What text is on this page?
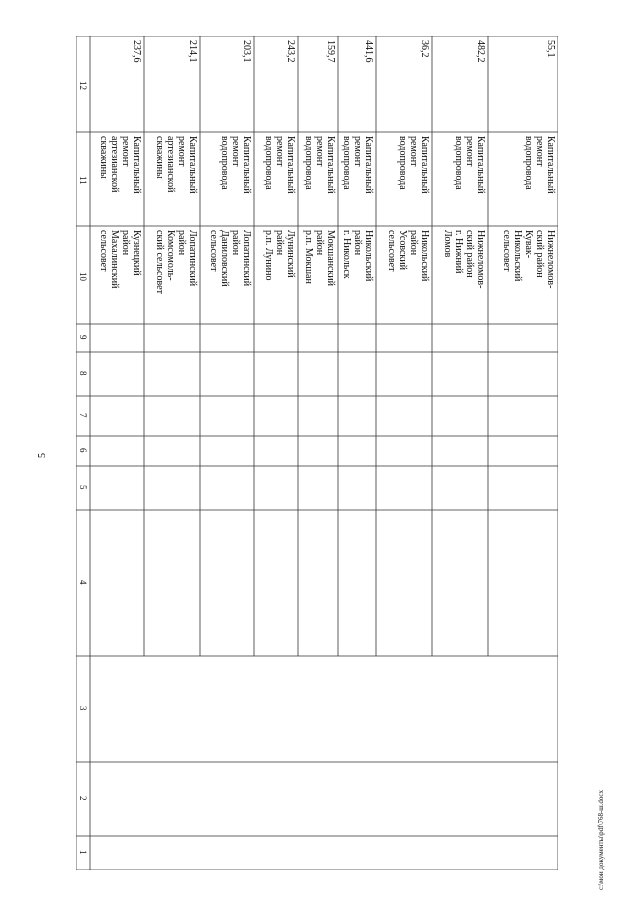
5
c:\мои документы\pdf\768-ш.docx
12
11
10
9
8
7
6
5
4
3
2
1
237,6
Капитальный
ремонт
артезианской
скважины
Кузнецкий
район
Махалинский
сельсовет
214,1
Капитальный
ремонт
артезианской
скважины
Лопатинский
район
Комсомоль-
ский сельсовет
203,1
Капитальный
ремонт
водопровода
Лопатинский
район
Даниловский
сельсовет
243,2
Капитальный
ремонт
водопровода
Лунинский
район
р.п. Лунино
159,7
Капитальный
ремонт
водопровода
Мокшанский
район
р.п. Мокшан
441,6
Капитальный
ремонт
водопровода
Никольский
район
г. Никольск
36,2
Капитальный
ремонт
водопровода
Никольский
район
Усовский
сельсовет
482,2
Капитальный
ремонт
водопровода
Нижнеломов-
ский район
г. Нижний
Ломов
55,1
Капитальный
ремонт
водопровода
Нижнеломов-
ский район
Кувак-
Никольский
сельсовет
